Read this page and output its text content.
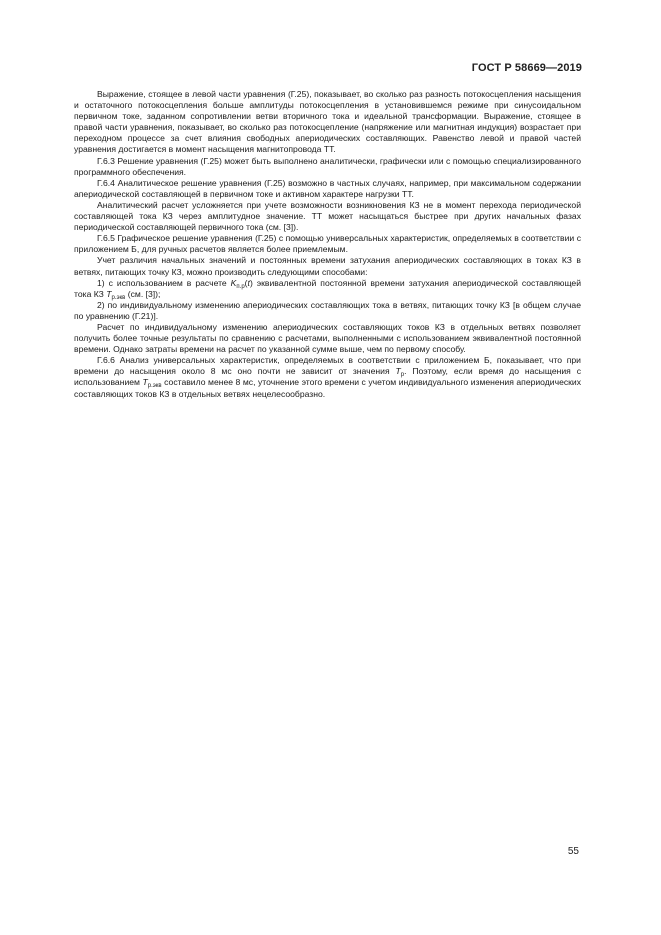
ГОСТ Р 58669—2019

Выражение, стоящее в левой части уравнения (Г.25), показывает, во сколько раз разность потокосцепления насыщения и остаточного потокосцепления больше амплитуды потокосцепления в установившемся режиме при синусоидальном первичном токе, заданном сопротивлении ветви вторичного тока и идеальной трансформации. Выражение, стоящее в правой части уравнения, показывает, во сколько раз потокосцепление (напряжение или магнитная индукция) возрастает при переходном процессе за счет влияния свободных апериодических составляющих. Равенство левой и правой частей уравнения достигается в момент насыщения магнитопровода ТТ.

Г.6.3 Решение уравнения (Г.25) может быть выполнено аналитически, графически или с помощью специализированного программного обеспечения.

Г.6.4 Аналитическое решение уравнения (Г.25) возможно в частных случаях, например, при максимальном содержании апериодической составляющей в первичном токе и активном характере нагрузки ТТ.

Аналитический расчет усложняется при учете возможности возникновения КЗ не в момент перехода периодической составляющей тока КЗ через амплитудное значение. ТТ может насыщаться быстрее при других начальных фазах периодической составляющей первичного тока (см. [3]).

Г.6.5 Графическое решение уравнения (Г.25) с помощью универсальных характеристик, определяемых в соответствии с приложением Б, для ручных расчетов является более приемлемым.

Учет различия начальных значений и постоянных времени затухания апериодических составляющих в токах КЗ в ветвях, питающих точку КЗ, можно производить следующими способами:

1) с использованием в расчете $K_{п.р}(t)$ эквивалентной постоянной времени затухания апериодической составляющей тока КЗ $T_{р.экв}$ (см. [3]);

2) по индивидуальному изменению апериодических составляющих тока в ветвях, питающих точку КЗ [в общем случае по уравнению (Г.21)].

Расчет по индивидуальному изменению апериодических составляющих токов КЗ в отдельных ветвях позволяет получить более точные результаты по сравнению с расчетами, выполненными с использованием эквивалентной постоянной времени. Однако затраты времени на расчет по указанной сумме выше, чем по первому способу.

Г.6.6 Анализ универсальных характеристик, определяемых в соответствии с приложением Б, показывает, что при времени до насыщения около 8 мс оно почти не зависит от значения $T_р$. Поэтому, если время до насыщения с использованием $T_{р.экв}$ составило менее 8 мс, уточнение этого времени с учетом индивидуального изменения апериодических составляющих токов КЗ в отдельных ветвях нецелесообразно.

55
